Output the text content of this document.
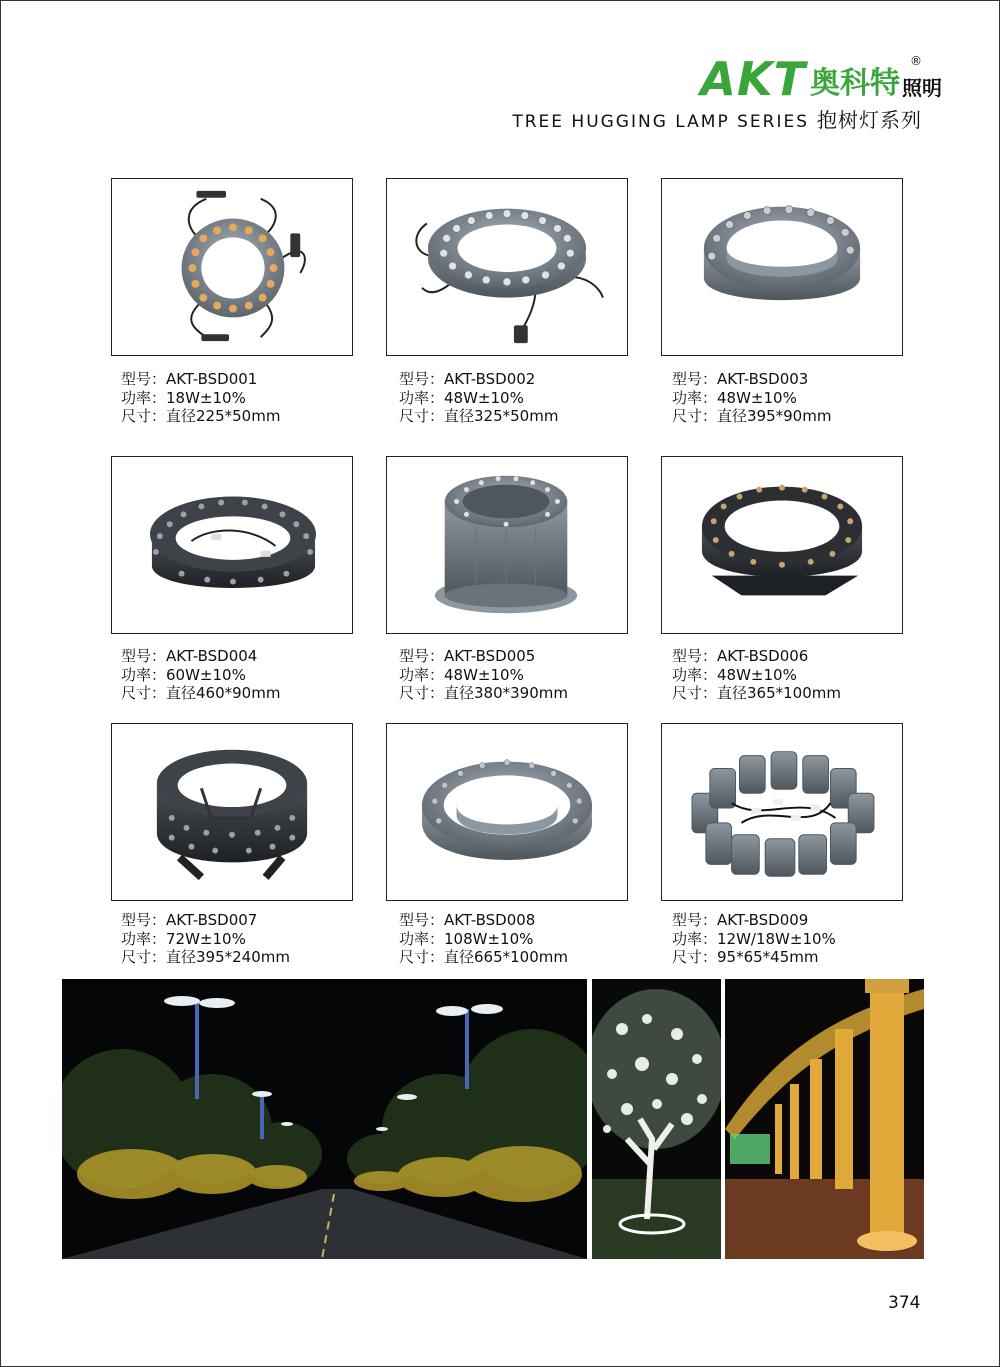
AKT 奥科特 照明
®
TREE HUGGING LAMP SERIES 抱树灯系列
型号：AKT-BSD001
功率：18W±10%
尺寸：直径225*50mm
型号：AKT-BSD002
功率：48W±10%
尺寸：直径325*50mm
型号：AKT-BSD003
功率：48W±10%
尺寸：直径395*90mm
型号：AKT-BSD004
功率：60W±10%
尺寸：直径460*90mm
型号：AKT-BSD005
功率：48W±10%
尺寸：直径380*390mm
型号：AKT-BSD006
功率：48W±10%
尺寸：直径365*100mm
型号：AKT-BSD007
功率：72W±10%
尺寸：直径395*240mm
型号：AKT-BSD008
功率：108W±10%
尺寸：直径665*100mm
型号：AKT-BSD009
功率：12W/18W±10%
尺寸：95*65*45mm
374
